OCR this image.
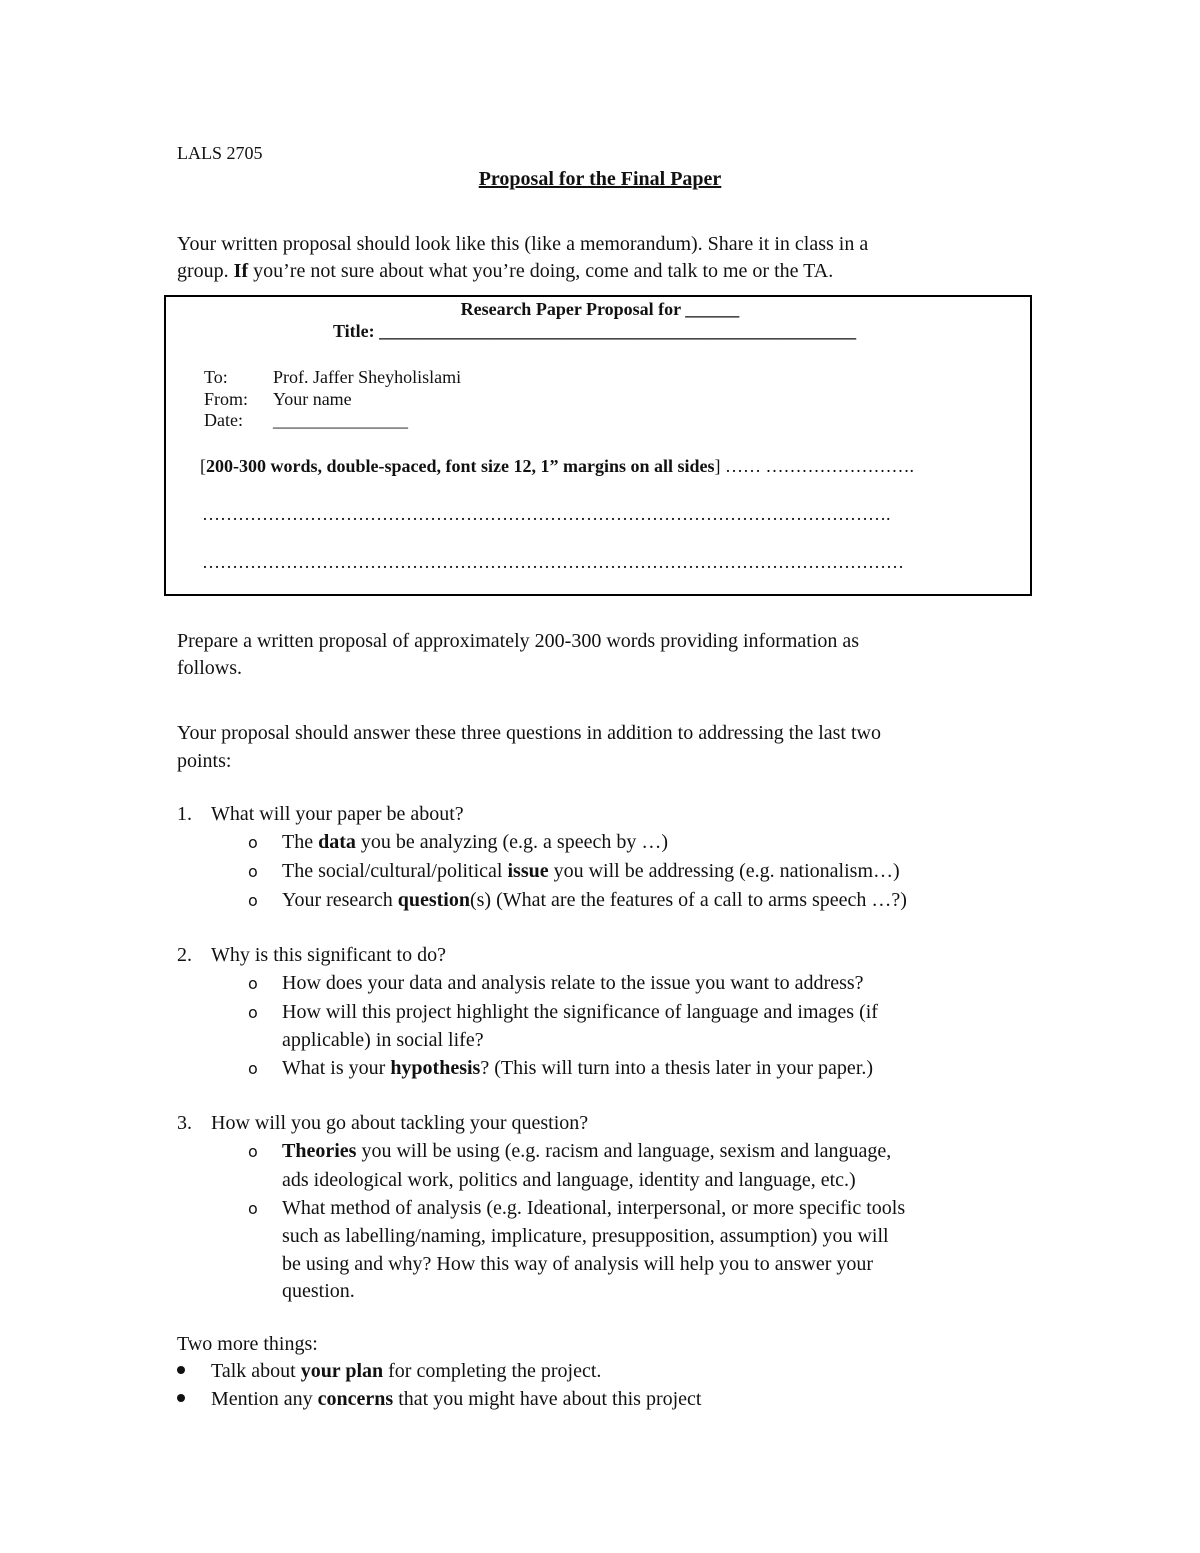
LALS 2705
Proposal for the Final Paper
Your written proposal should look like this (like a memorandum). Share it in class in a
group. If you’re not sure about what you’re doing, come and talk to me or the TA.
Research Paper Proposal for ______
Title: _____________________________________________________
To:	Prof. Jaffer Sheyholislami
From: Your name
Date: _______________
[200-300 words, double-spaced, font size 12, 1” margins on all sides] …… …………………….
…………………………………………………………………………………………………….
………………………………………………………………………………………………………
Prepare a written proposal of approximately 200-300 words providing information as
follows.
Your proposal should answer these three questions in addition to addressing the last two
points:
1. What will your paper be about?
o The data you be analyzing (e.g. a speech by …)
o The social/cultural/political issue you will be addressing (e.g. nationalism…)
o Your research question(s) (What are the features of a call to arms speech …?)
2. Why is this significant to do?
o How does your data and analysis relate to the issue you want to address?
o How will this project highlight the significance of language and images (if
applicable) in social life?
o What is your hypothesis? (This will turn into a thesis later in your paper.)
3. How will you go about tackling your question?
o Theories you will be using (e.g. racism and language, sexism and language,
ads ideological work, politics and language, identity and language, etc.)
o What method of analysis (e.g. Ideational, interpersonal, or more specific tools
such as labelling/naming, implicature, presupposition, assumption) you will
be using and why? How this way of analysis will help you to answer your
question.
Two more things:
Talk about your plan for completing the project.
Mention any concerns that you might have about this project
